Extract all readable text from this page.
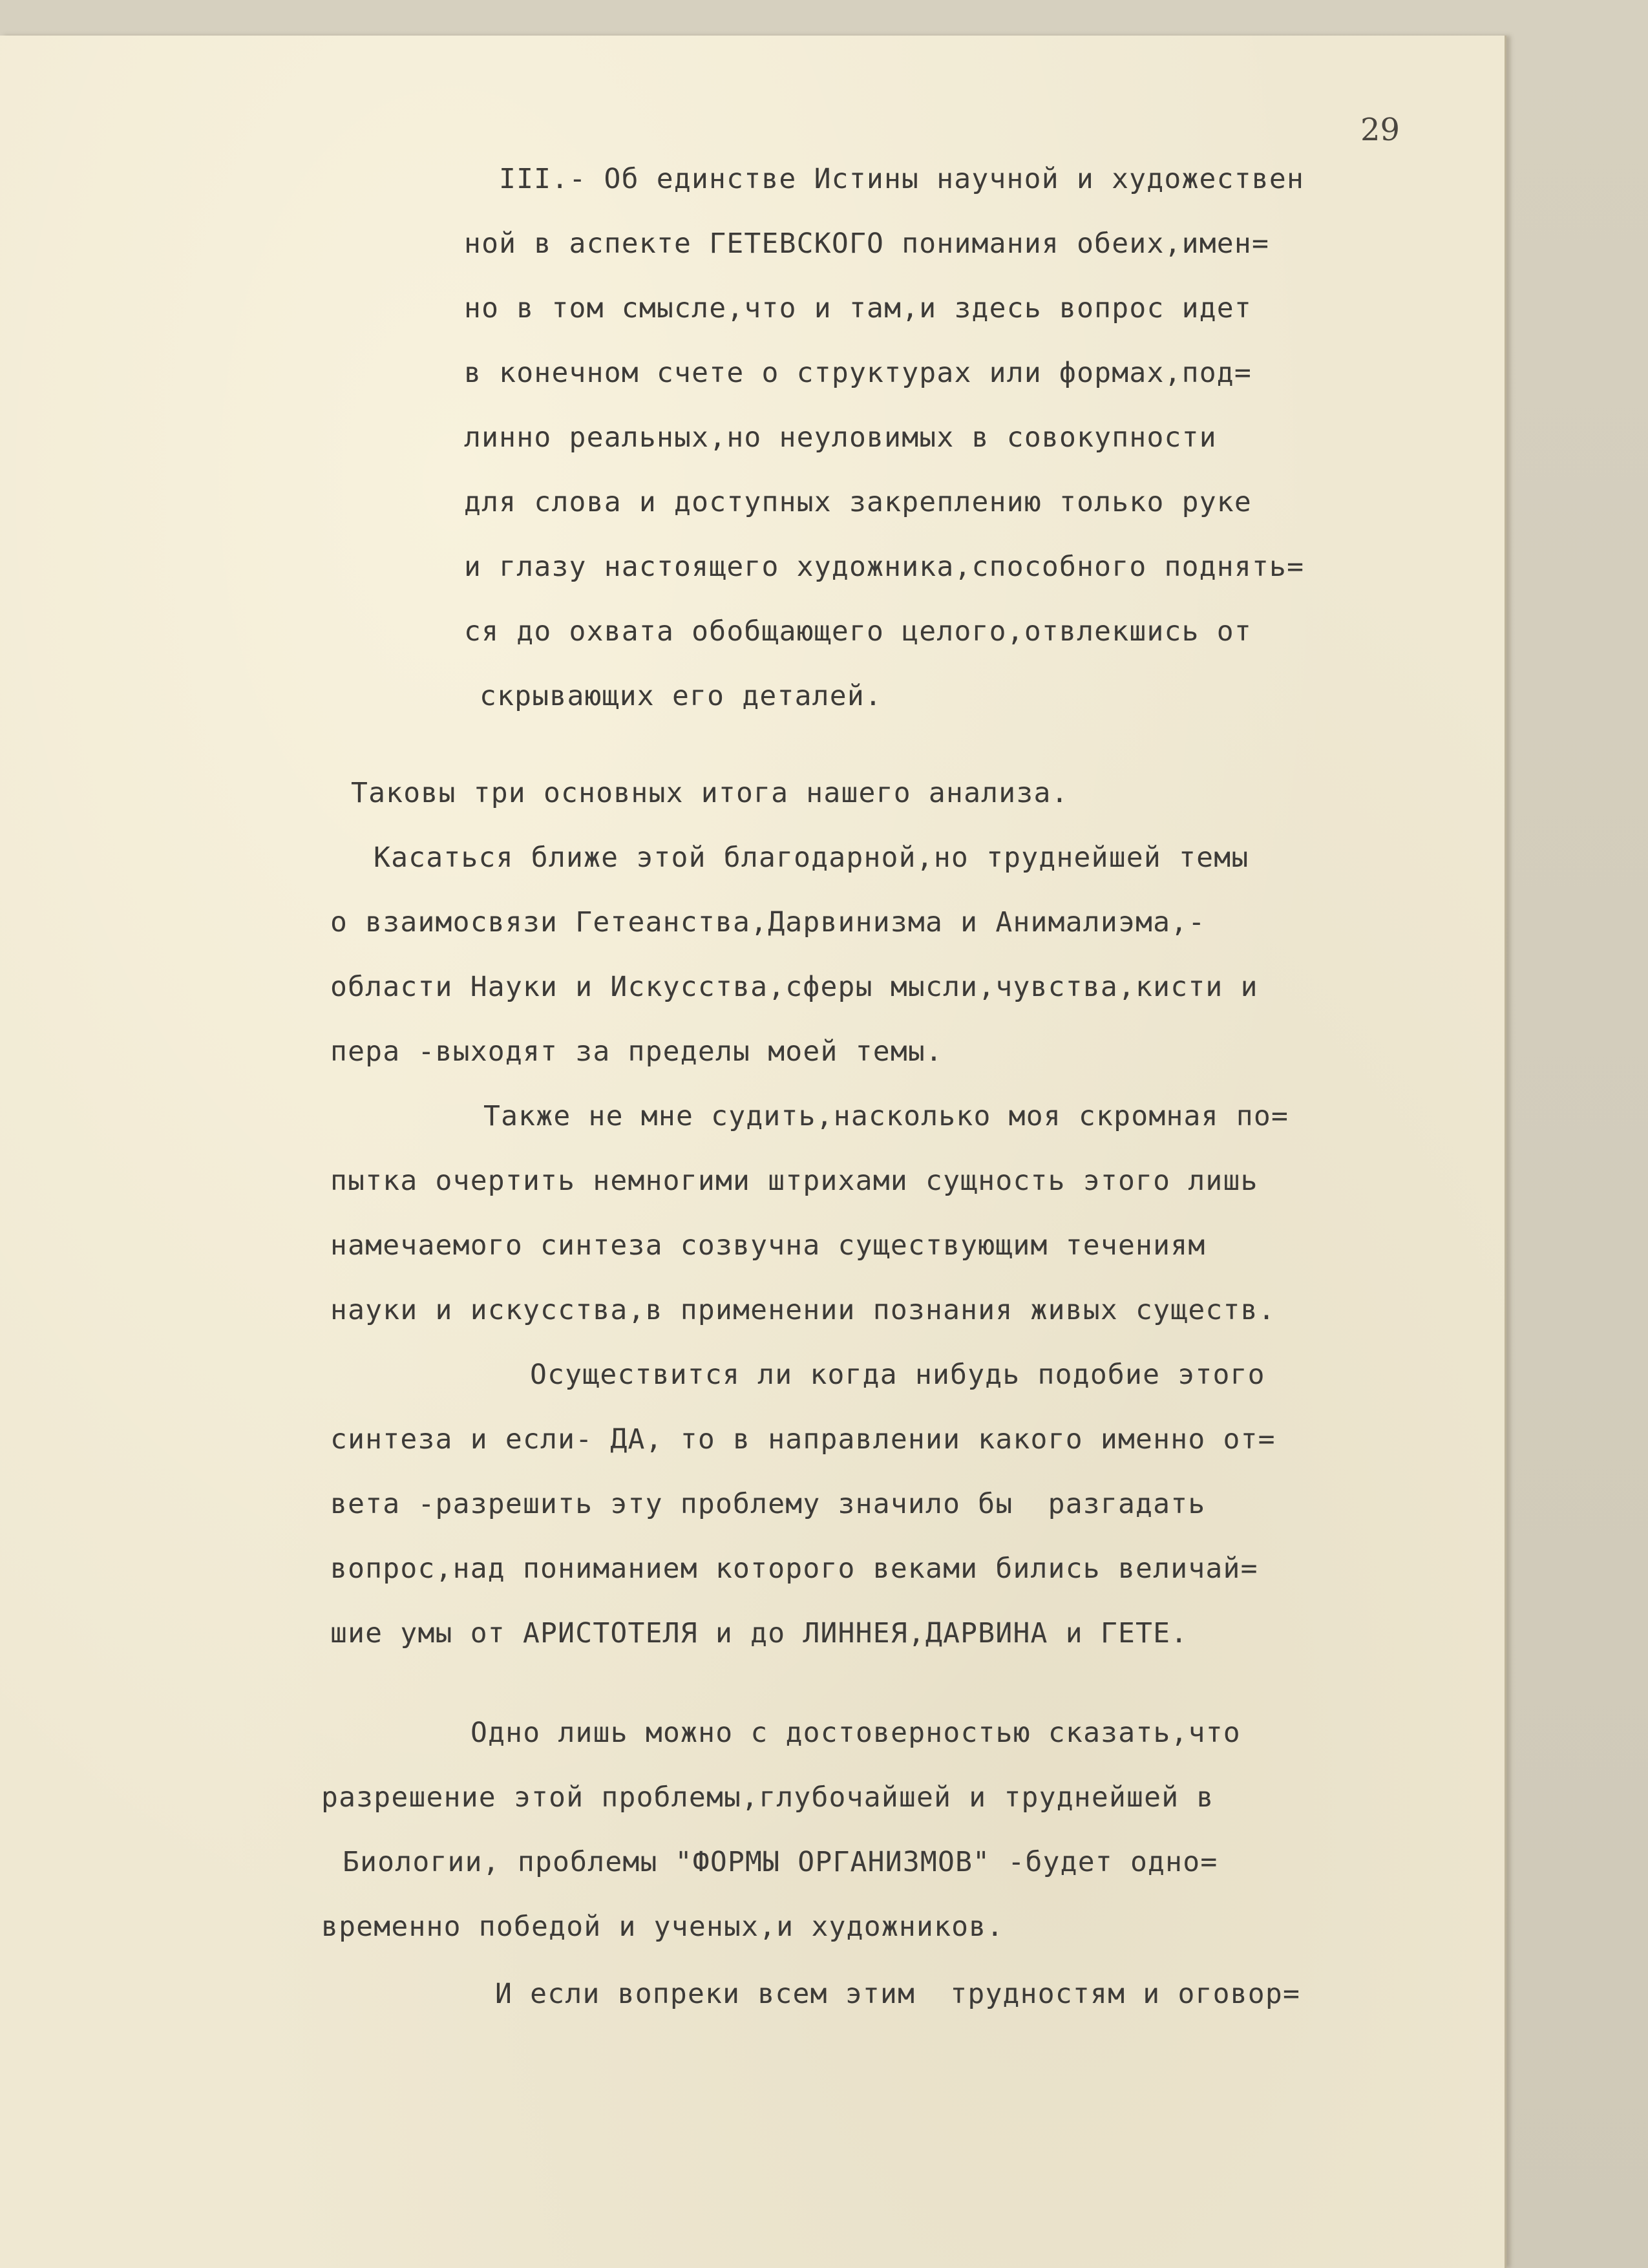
29

III.- Об единстве Истины научной и художествен

ной в аспекте ГЕТЕВСКОГО понимания обеих,имен=

но в том смысле,что и там,и здесь вопрос идет

в конечном счете о структурах или формах,под=

линно реальных,но неуловимых в совокупности

для слова и доступных закреплению только руке

и глазу настоящего художника,способного поднять=

ся до охвата обобщающего целого,отвлекшись от

скрывающих его деталей.

Таковы три основных итога нашего анализа.

Касаться ближе этой благодарной,но труднейшей темы

о взаимосвязи Гетеанства,Дарвинизма и Анималиэма,-

области Науки и Искусства,сферы мысли,чувства,кисти и

пера -выходят за пределы моей темы.

Также не мне судить,насколько моя скромная по=

пытка очертить немногими штрихами сущность этого лишь

намечаемого синтеза созвучна существующим течениям

науки и искусства,в применении познания живых существ.

Осуществится ли когда нибудь подобие этого

синтеза и если- ДА, то в направлении какого именно от=

вета -разрешить эту проблему значило бы  разгадать

вопрос,над пониманием которого веками бились величай=

шие умы от АРИСТОТЕЛЯ и до ЛИННЕЯ,ДАРВИНА и ГЕТЕ.

Одно лишь можно с достоверностью сказать,что

разрешение этой проблемы,глубочайшей и труднейшей в

Биологии, проблемы "ФОРМЫ ОРГАНИЗМОВ" -будет одно=

временно победой и ученых,и художников.

И если вопреки всем этим  трудностям и оговор=
